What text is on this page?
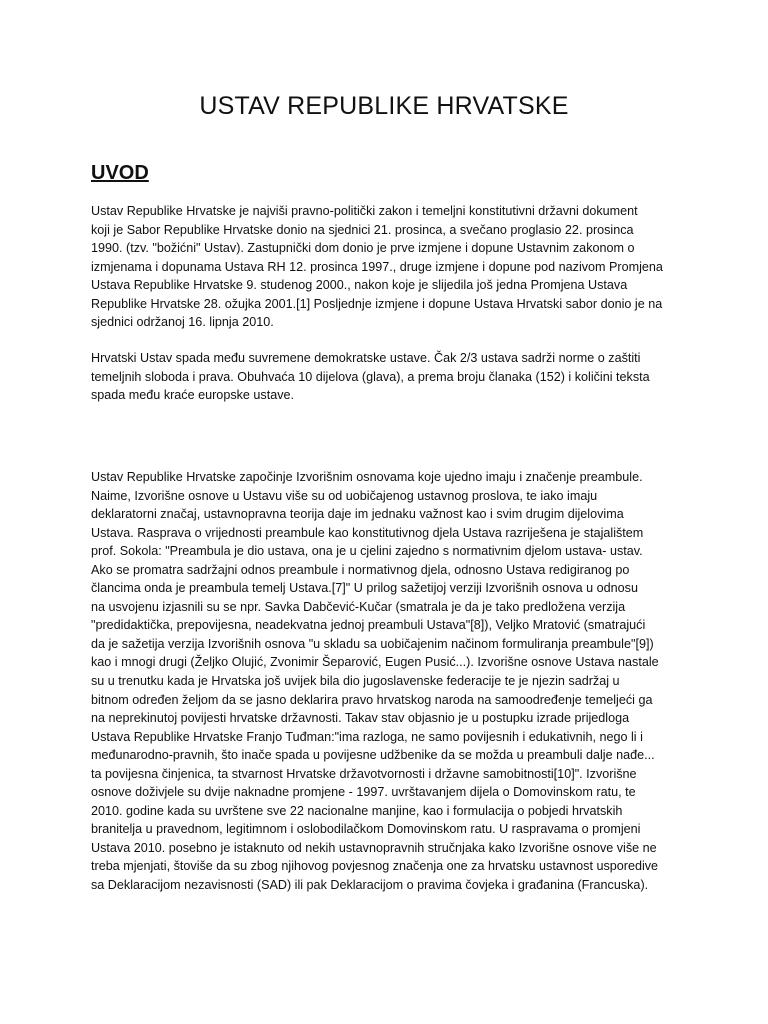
USTAV REPUBLIKE HRVATSKE
UVOD
Ustav Republike Hrvatske je najviši pravno-politički zakon i temeljni konstitutivni državni dokument
koji je Sabor Republike Hrvatske donio na sjednici 21. prosinca, a svečano proglasio 22. prosinca
1990. (tzv. "božićni" Ustav). Zastupnički dom donio je prve izmjene i dopune Ustavnim zakonom o
izmjenama i dopunama Ustava RH 12. prosinca 1997., druge izmjene i dopune pod nazivom Promjena
Ustava Republike Hrvatske 9. studenog 2000., nakon koje je slijedila još jedna Promjena Ustava
Republike Hrvatske 28. ožujka 2001.[1] Posljednje izmjene i dopune Ustava Hrvatski sabor donio je na
sjednici održanoj 16. lipnja 2010.
Hrvatski Ustav spada među suvremene demokratske ustave. Čak 2/3 ustava sadrži norme o zaštiti
temeljnih sloboda i prava. Obuhvaća 10 dijelova (glava), a prema broju članaka (152) i količini teksta
spada među kraće europske ustave.
Ustav Republike Hrvatske započinje Izvorišnim osnovama koje ujedno imaju i značenje preambule.
Naime, Izvorišne osnove u Ustavu više su od uobičajenog ustavnog proslova, te iako imaju
deklaratorni značaj, ustavnopravna teorija daje im jednaku važnost kao i svim drugim dijelovima
Ustava. Rasprava o vrijednosti preambule kao konstitutivnog djela Ustava razriješena je stajalištem
prof. Sokola: "Preambula je dio ustava, ona je u cjelini zajedno s normativnim djelom ustava- ustav.
Ako se promatra sadržajni odnos preambule i normativnog djela, odnosno Ustava redigiranog po
člancima onda je preambula temelj Ustava.[7]" U prilog sažetijoj verziji Izvorišnih osnova u odnosu
na usvojenu izjasnili su se npr. Savka Dabčević-Kučar (smatrala je da je tako predložena verzija
"predidaktička, prepovijesna, neadekvatna jednoj preambuli Ustava"[8]), Veljko Mratović (smatrajući
da je sažetija verzija Izvorišnih osnova "u skladu sa uobičajenim načinom formuliranja preambule"[9])
kao i mnogi drugi (Željko Olujić, Zvonimir Šeparović, Eugen Pusić...). Izvorišne osnove Ustava nastale
su u trenutku kada je Hrvatska još uvijek bila dio jugoslavenske federacije te je njezin sadržaj u
bitnom određen željom da se jasno deklarira pravo hrvatskog naroda na samoodređenje temeljeći ga
na neprekinutoj povijesti hrvatske državnosti. Takav stav objasnio je u postupku izrade prijedloga
Ustava Republike Hrvatske Franjo Tuđman:"ima razloga, ne samo povijesnih i edukativnih, nego li i
međunarodno-pravnih, što inače spada u povijesne udžbenike da se možda u preambuli dalje nađe...
ta povijesna činjenica, ta stvarnost Hrvatske državotvornosti i državne samobitnosti[10]". Izvorišne
osnove doživjele su dvije naknadne promjene - 1997. uvrštavanjem dijela o Domovinskom ratu, te
2010. godine kada su uvrštene sve 22 nacionalne manjine, kao i formulacija o pobjedi hrvatskih
branitelja u pravednom, legitimnom i oslobodilačkom Domovinskom ratu. U raspravama o promjeni
Ustava 2010. posebno je istaknuto od nekih ustavnopravnih stručnjaka kako Izvorišne osnove više ne
treba mjenjati, štoviše da su zbog njihovog povjesnog značenja one za hrvatsku ustavnost usporedive
sa Deklaracijom nezavisnosti (SAD) ili pak Deklaracijom o pravima čovjeka i građanina (Francuska).
